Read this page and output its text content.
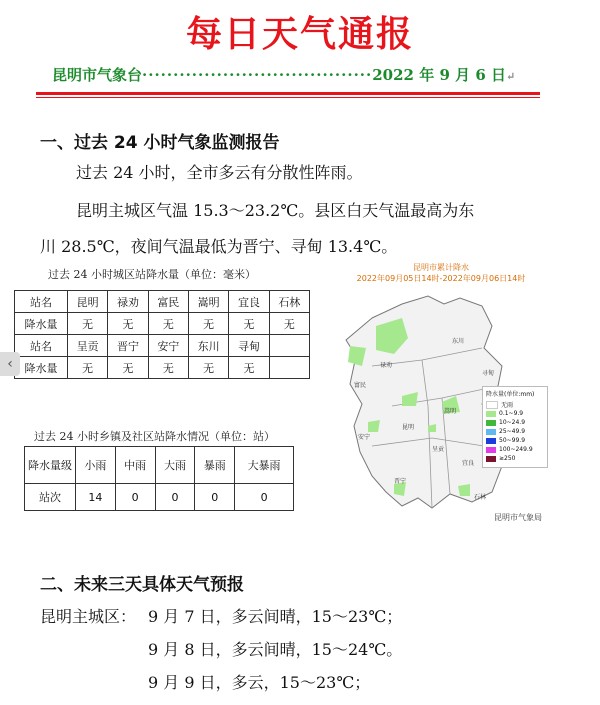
每日天气通报
昆明市气象台·····································2022 年 9 月 6 日↵
一、过去 24 小时气象监测报告
过去 24 小时，全市多云有分散性阵雨。
昆明主城区气温 15.3～23.2℃。县区白天气温最高为东
川 28.5℃，夜间气温最低为晋宁、寻甸 13.4℃。
过去 24 小时城区站降水量（单位：毫米）
站名	昆明	禄劝	富民	嵩明	宜良	石林
降水量	无	无	无	无	无	无
站名	呈贡	晋宁	安宁	东川	寻甸	
降水量	无	无	无	无	无	
过去 24 小时乡镇及社区站降水情况（单位：站）
降水量级	小雨	中雨	大雨	暴雨	大暴雨
站次	14	0	0	0	0
昆明市累计降水
2022年09月05日14时-2022年09月06日14时
昆明市气象局
降水量(单位:mm)
无雨
0.1~9.9
10~24.9
25~49.9
50~99.9
100~249.9
≥250
禄劝
东川
寻甸
富民
嵩明
安宁
昆明
呈贡
宜良
晋宁
石林
‹
二、未来三天具体天气预报
昆明主城区： 9 月 7 日，多云间晴，15～23℃；
9 月 8 日，多云间晴，15～24℃。
9 月 9 日，多云，15～23℃；
